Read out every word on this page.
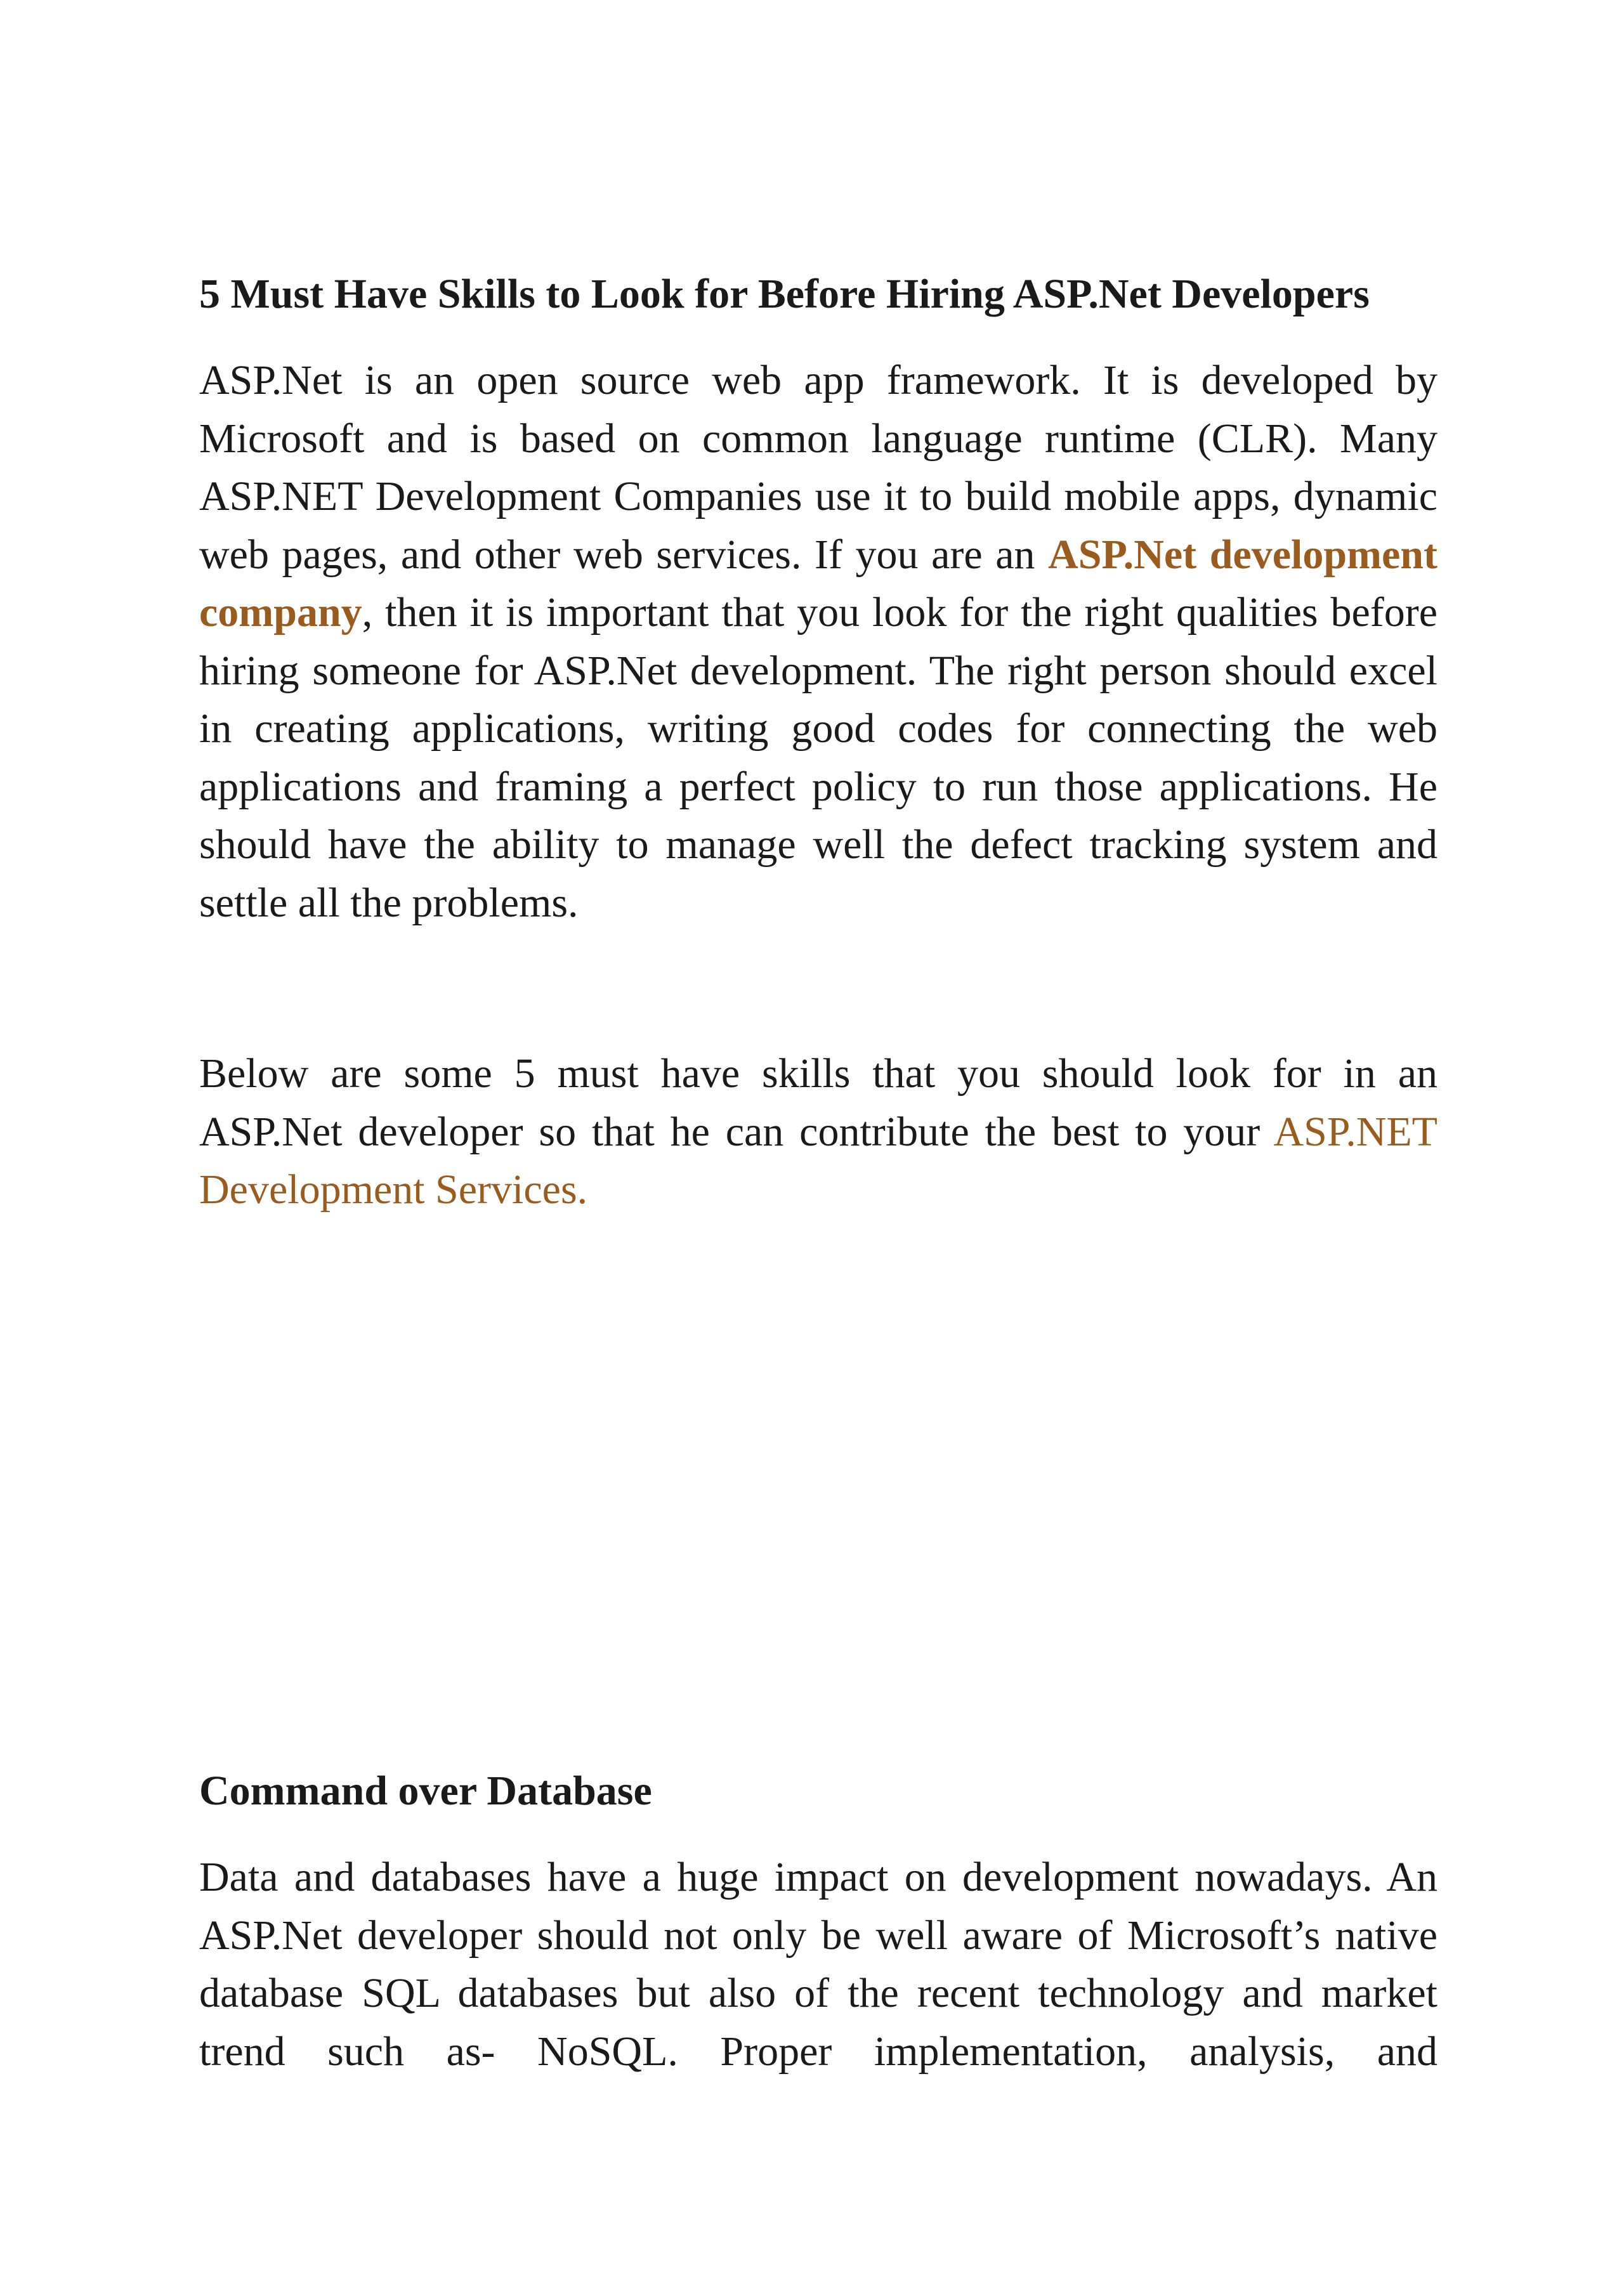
5 Must Have Skills to Look for Before Hiring ASP.Net Developers

ASP.Net is an open source web app framework. It is developed by Microsoft and is based on common language runtime (CLR). Many ASP.NET Development Companies use it to build mobile apps, dynamic web pages, and other web services. If you are an ASP.Net development company, then it is important that you look for the right qualities before hiring someone for ASP.Net development. The right person should excel in creating applications, writing good codes for connecting the web applications and framing a perfect policy to run those applications. He should have the ability to manage well the defect tracking system and settle all the problems.

Below are some 5 must have skills that you should look for in an ASP.Net developer so that he can contribute the best to your ASP.NET Development Services.

Command over Database

Data and databases have a huge impact on development nowadays. An ASP.Net developer should not only be well aware of Microsoft’s native database SQL databases but also of the recent technology and market trend such as- NoSQL. Proper implementation, analysis, and
